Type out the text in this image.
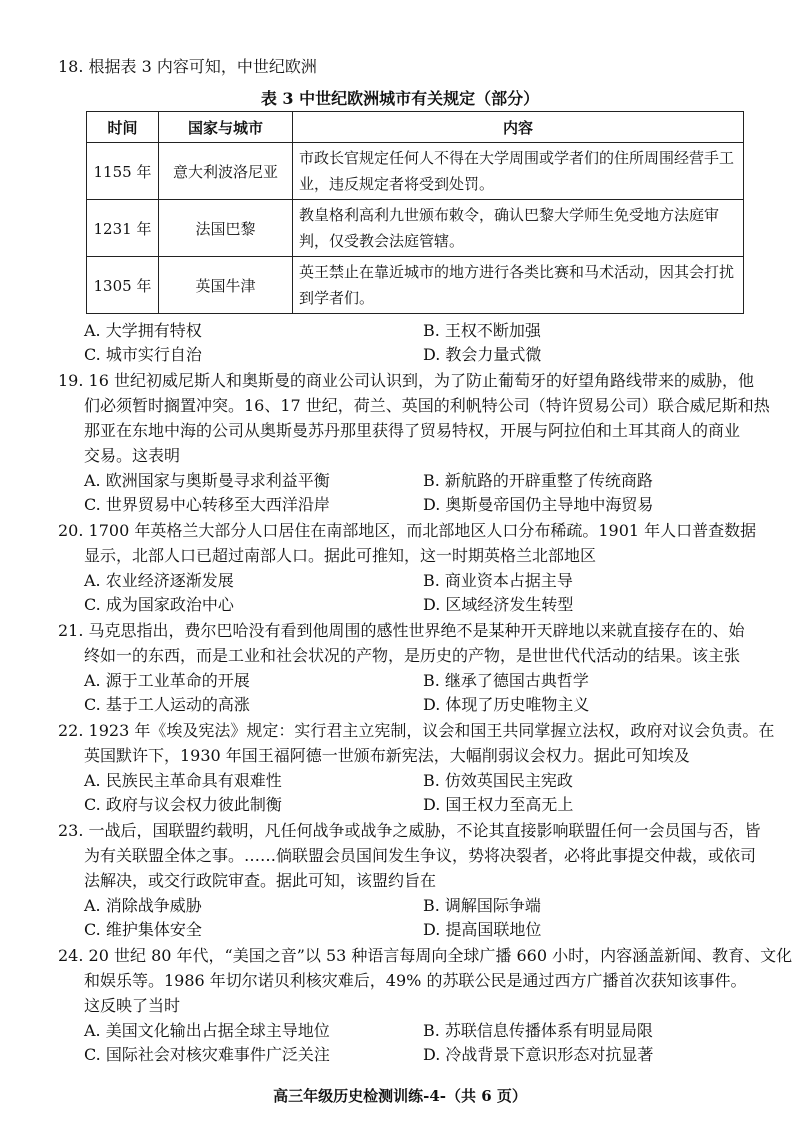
18. 根据表 3 内容可知，中世纪欧洲
表 3 中世纪欧洲城市有关规定（部分）
时间	国家与城市	内容
1155 年	意大利波洛尼亚	市政长官规定任何人不得在大学周围或学者们的住所周围经营手工业，违反规定者将受到处罚。
1231 年	法国巴黎	教皇格利高利九世颁布敕令，确认巴黎大学师生免受地方法庭审判，仅受教会法庭管辖。
1305 年	英国牛津	英王禁止在靠近城市的地方进行各类比赛和马术活动，因其会打扰到学者们。
A. 大学拥有特权	B. 王权不断加强
C. 城市实行自治	D. 教会力量式微
19. 16 世纪初威尼斯人和奥斯曼的商业公司认识到，为了防止葡萄牙的好望角路线带来的威胁，他
们必须暂时搁置冲突。16、17 世纪，荷兰、英国的利帆特公司（特许贸易公司）联合威尼斯和热
那亚在东地中海的公司从奥斯曼苏丹那里获得了贸易特权，开展与阿拉伯和土耳其商人的商业
交易。这表明
A. 欧洲国家与奥斯曼寻求利益平衡	B. 新航路的开辟重整了传统商路
C. 世界贸易中心转移至大西洋沿岸	D. 奥斯曼帝国仍主导地中海贸易
20. 1700 年英格兰大部分人口居住在南部地区，而北部地区人口分布稀疏。1901 年人口普查数据
显示，北部人口已超过南部人口。据此可推知，这一时期英格兰北部地区
A. 农业经济逐渐发展	B. 商业资本占据主导
C. 成为国家政治中心	D. 区域经济发生转型
21. 马克思指出，费尔巴哈没有看到他周围的感性世界绝不是某种开天辟地以来就直接存在的、始
终如一的东西，而是工业和社会状况的产物，是历史的产物，是世世代代活动的结果。该主张
A. 源于工业革命的开展	B. 继承了德国古典哲学
C. 基于工人运动的高涨	D. 体现了历史唯物主义
22. 1923 年《埃及宪法》规定：实行君主立宪制，议会和国王共同掌握立法权，政府对议会负责。在
英国默许下，1930 年国王福阿德一世颁布新宪法，大幅削弱议会权力。据此可知埃及
A. 民族民主革命具有艰难性	B. 仿效英国民主宪政
C. 政府与议会权力彼此制衡	D. 国王权力至高无上
23. 一战后，国联盟约载明，凡任何战争或战争之威胁，不论其直接影响联盟任何一会员国与否，皆
为有关联盟全体之事。……倘联盟会员国间发生争议，势将决裂者，必将此事提交仲裁，或依司
法解决，或交行政院审查。据此可知，该盟约旨在
A. 消除战争威胁	B. 调解国际争端
C. 维护集体安全	D. 提高国联地位
24. 20 世纪 80 年代，“美国之音”以 53 种语言每周向全球广播 660 小时，内容涵盖新闻、教育、文化
和娱乐等。1986 年切尔诺贝利核灾难后，49% 的苏联公民是通过西方广播首次获知该事件。
这反映了当时
A. 美国文化输出占据全球主导地位	B. 苏联信息传播体系有明显局限
C. 国际社会对核灾难事件广泛关注	D. 冷战背景下意识形态对抗显著
高三年级历史检测训练-4-（共 6 页）
